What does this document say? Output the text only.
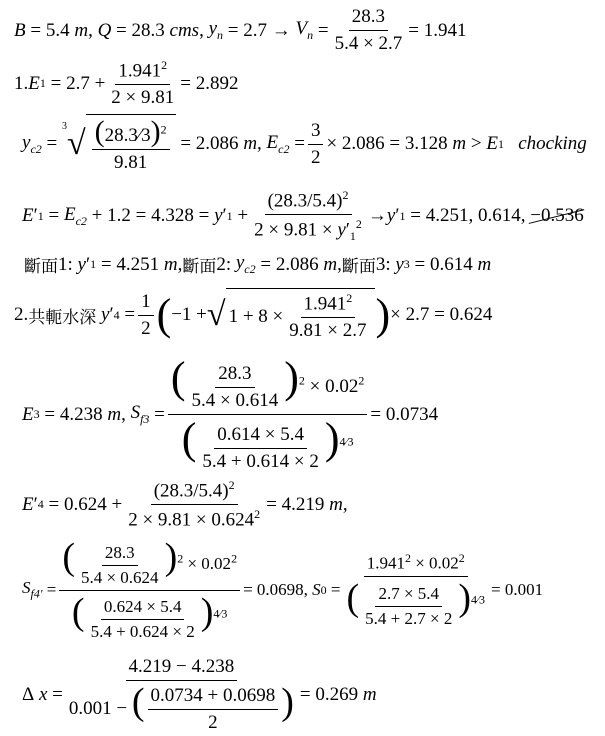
B = 5.4 m , Q = 28.3 cms , $y_n = 2.7 \to V_n = \frac{28.3}{5.4 \times 2.7} = 1.941$
1. E $1 = 2.7 + \frac{1.941^2}{2 \times 9.81} = 2.892$
$y_{c2}$ =
3 √ $\frac{(28.3⁄3)^2}{9.81} = 2.086$ m , $E_{c2} = \frac{3}{2} \times 2.086 = 3.128$ m > E 1
chocking
E ′ $1 = E_{c2} + 1.2 = 4.328 = y$ ′ $1 + \frac{(28.3/5.4)^2}{2 \times 9.81 \times y'_1^2} \to y$ ′ 1 = 4.251, 0.614, −0.536
斷面 1: y ′ 1 = 4.251 m , 斷面 2: $y_{c2} = 2.086$ m , 斷面 3: y 3 = 0.614 m
2. 共軛水深
y ′ $4 = \frac{1}{2}$ ( −1 + √ $1 + 8 \times \frac{1.941^2}{9.81 \times 2.7}$ ) × 2.7 = 0.624
E 3 = 4.238 m , $S_{f3} = \frac{( \frac{28.3}{5.4 \times 0.614} )^2 \times 0.02^2}{( \frac{0.614 \times 5.4}{5.4 + 0.614 \times 2} )^{4⁄3}} = 0.0734$
E ′ $4 = 0.624 + \frac{(28.3/5.4)^2}{2 \times 9.81 \times 0.624^2} = 4.219$ m ,
$S_{f4'} = \frac{( \frac{28.3}{5.4 \times 0.624} )^2 \times 0.02^2}{( \frac{0.624 \times 5.4}{5.4 + 0.624 \times 2} )^{4⁄3}} = 0.0698$, S $0 = \frac{1.941^2 \times 0.02^2}{( \frac{2.7 \times 5.4}{5.4 + 2.7 \times 2} )^{4⁄3}} = 0.001$
Δ $x = \frac{4.219 - 4.238}{0.001 - ( \frac{0.0734 + 0.0698}{2} )} = 0.269$ m
